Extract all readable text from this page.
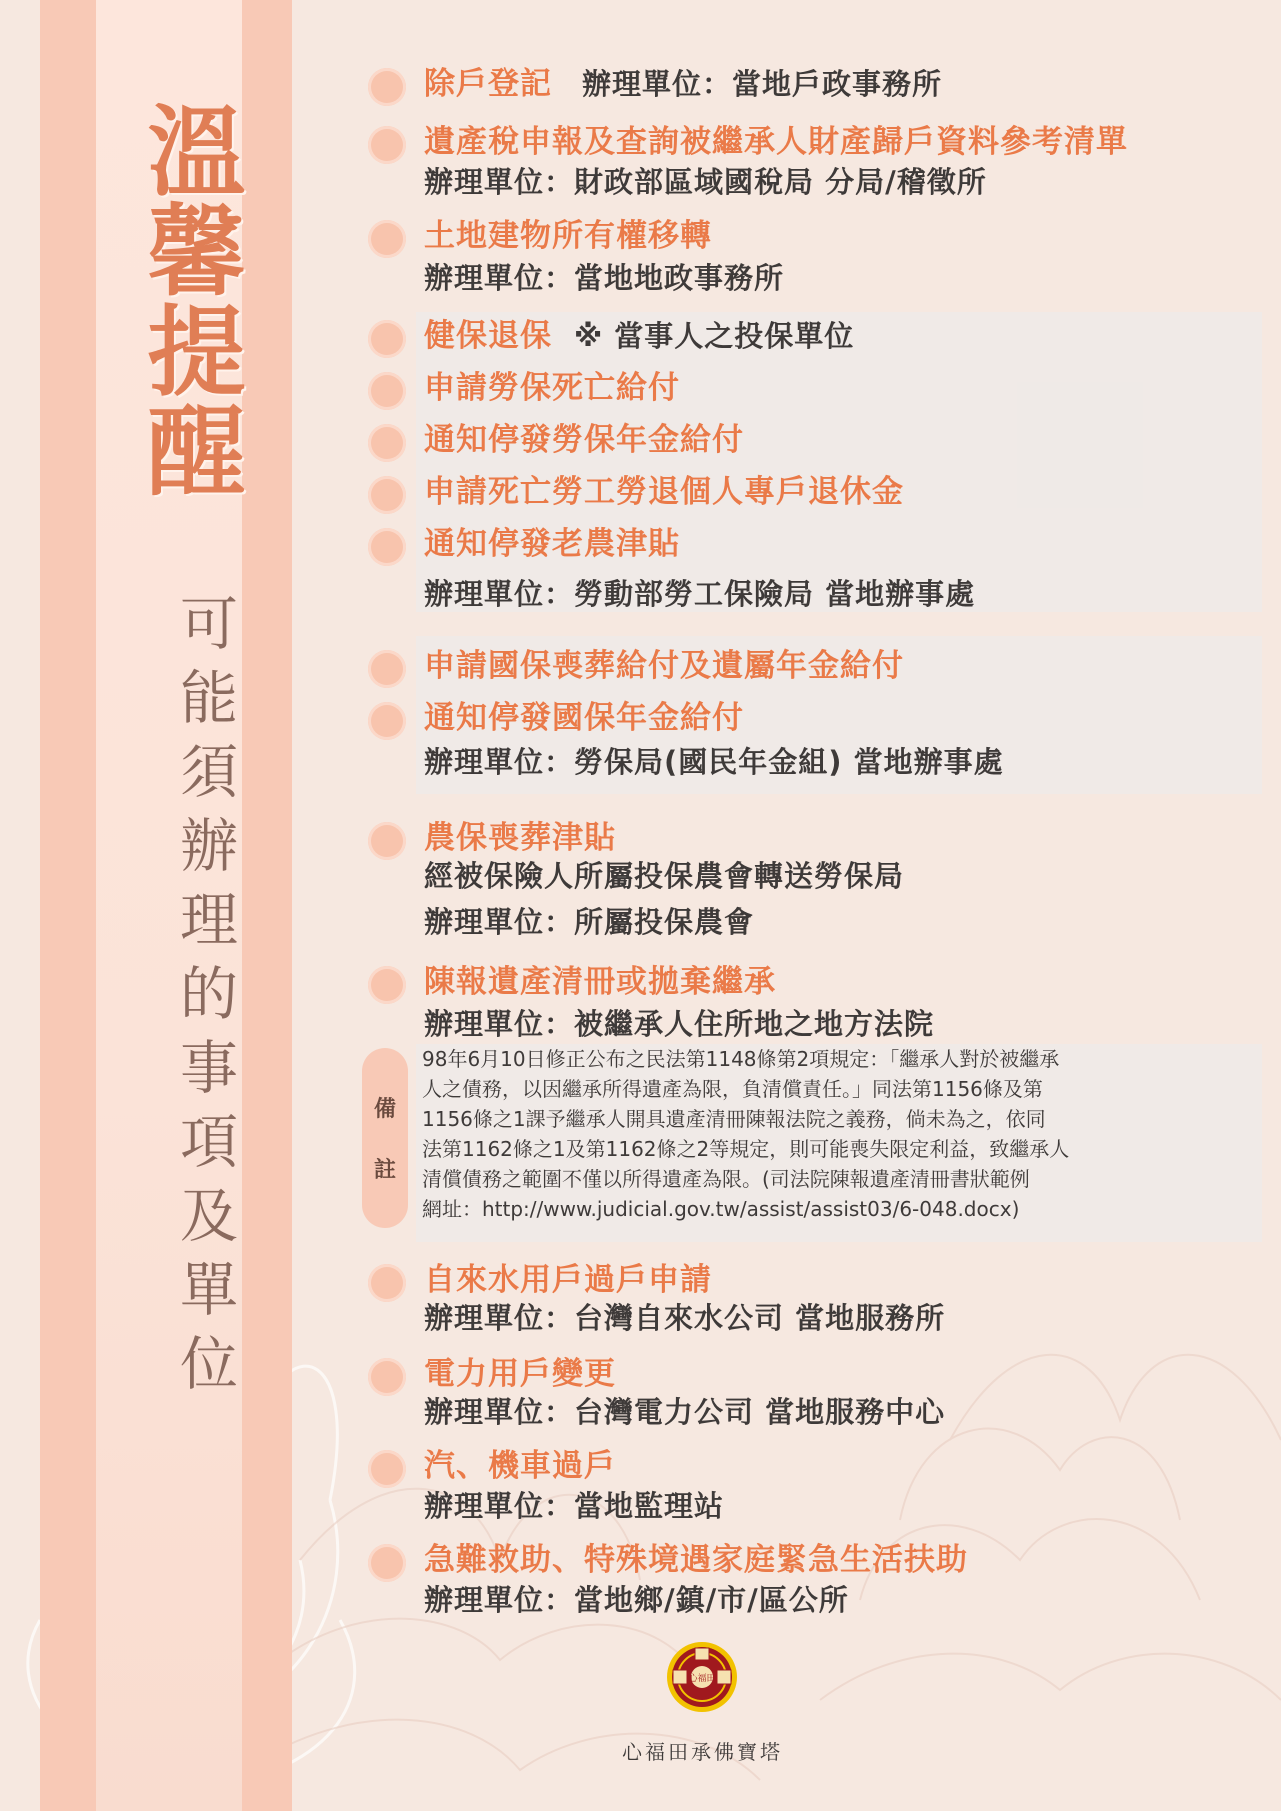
溫馨提醒
可能須辦理的事項及單位
除戶登記 辦理單位：當地戶政事務所
遺產稅申報及查詢被繼承人財產歸戶資料參考清單
辦理單位：財政部區域國稅局 分局/稽徵所
土地建物所有權移轉
辦理單位：當地地政事務所
健保退保 ※ 當事人之投保單位
申請勞保死亡給付
通知停發勞保年金給付
申請死亡勞工勞退個人專戶退休金
通知停發老農津貼
辦理單位：勞動部勞工保險局 當地辦事處
申請國保喪葬給付及遺屬年金給付
通知停發國保年金給付
辦理單位：勞保局(國民年金組) 當地辦事處
農保喪葬津貼
經被保險人所屬投保農會轉送勞保局
辦理單位：所屬投保農會
陳報遺產清冊或拋棄繼承
辦理單位：被繼承人住所地之地方法院
備
註

98年6月10日修正公布之民法第1148條第2項規定：「繼承人對於被繼承

人之債務，以因繼承所得遺產為限，負清償責任。」同法第1156條及第

1156條之1課予繼承人開具遺產清冊陳報法院之義務，倘未為之，依同

法第1162條之1及第1162條之2等規定，則可能喪失限定利益，致繼承人

清償債務之範圍不僅以所得遺產為限。(司法院陳報遺產清冊書狀範例

網址：http://www.judicial.gov.tw/assist/assist03/6-048.docx)

自來水用戶過戶申請
辦理單位：台灣自來水公司 當地服務所
電力用戶變更
辦理單位：台灣電力公司 當地服務中心
汽、機車過戶
辦理單位：當地監理站
急難救助、特殊境遇家庭緊急生活扶助
辦理單位：當地鄉/鎮/市/區公所
心福田
心福田承佛寶塔
